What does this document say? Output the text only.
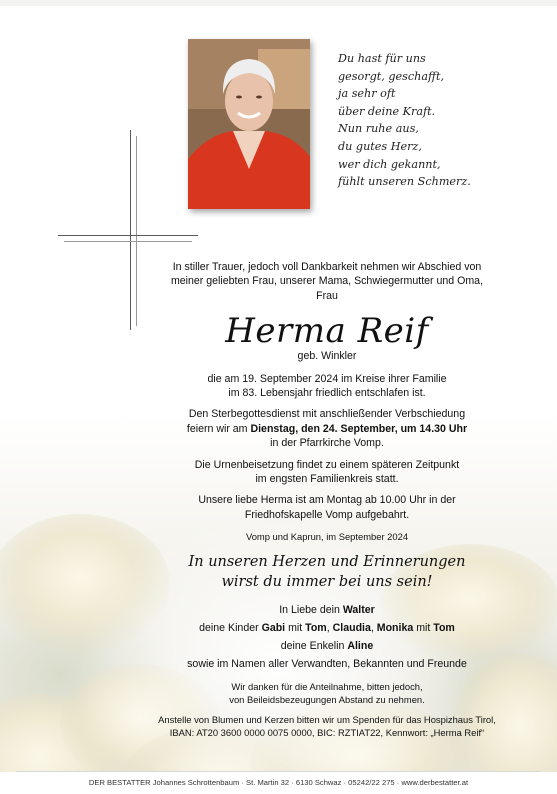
Du hast für uns
gesorgt, geschafft,
ja sehr oft
über deine Kraft.
Nun ruhe aus,
du gutes Herz,
wer dich gekannt,
fühlt unseren Schmerz.

In stiller Trauer, jedoch voll Dankbarkeit nehmen wir Abschied von

meiner geliebten Frau, unserer Mama, Schwiegermutter und Oma,

Frau

Herma Reif

geb. Winkler

die am 19. September 2024 im Kreise ihrer Familie

im 83. Lebensjahr friedlich entschlafen ist.

Den Sterbegottesdienst mit anschließender Verbschiedung

feiern wir am Dienstag, den 24. September, um 14.30 Uhr

in der Pfarrkirche Vomp.

Die Urnenbeisetzung findet zu einem späteren Zeitpunkt

im engsten Familienkreis statt.

Unsere liebe Herma ist am Montag ab 10.00 Uhr in der

Friedhofskapelle Vomp aufgebahrt.

Vomp und Kaprun, im September 2024

In unseren Herzen und Erinnerungen
wirst du immer bei uns sein!

In Liebe dein Walter

deine Kinder Gabi mit Tom, Claudia, Monika mit Tom

deine Enkelin Aline

sowie im Namen aller Verwandten, Bekannten und Freunde

Wir danken für die Anteilnahme, bitten jedoch,

von Beileidsbezeugungen Abstand zu nehmen.

Anstelle von Blumen und Kerzen bitten wir um Spenden für das Hospizhaus Tirol,

IBAN: AT20 3600 0000 0075 0000, BIC: RZTIAT22, Kennwort: „Herma Reif“

DER BESTATTER Johannes Schrottenbaum · St. Martin 32 · 6130 Schwaz · 05242/22 275 · www.derbestatter.at
